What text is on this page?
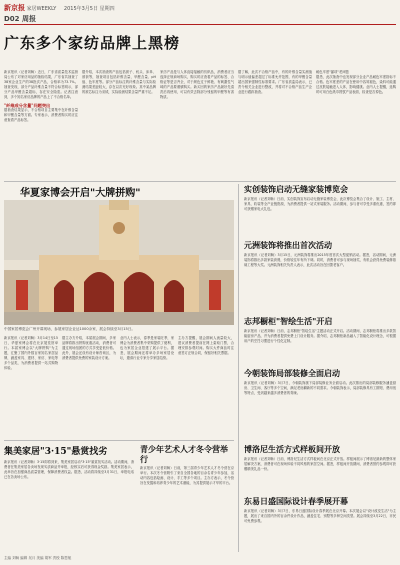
新京报 家居WEEKLY 2015年3月5日 星期四
D02 周报
广东多个家纺品牌上黑榜
新京报讯（记者刘畅）近日，广东省质量技术监督局公布了对家纺用品的抽检结果，广东省共抽查了38家企业生产的38批次产品，合格率为73.7%。抽查发现，部分产品纤维含量不符合标签明示，部分产品甲醛含量超标，存在安全隐患。记者注意到，多个知名家纺品牌的产品上了不合格名单。
"纤维成分含量"问题突出
据抽查结果显示，不合格项目主要集中在纤维含量和甲醛含量等方面。专家表示，消费者购买时应注意查看产品标签。
据介绍，本次抽查的产品包括被子、枕头、床单、被套等，抽查项目包括纤维含量、甲醛含量、pH值、色牢度等。部分产品标注的纤维含量与实际检测结果差距较大，存在以次充好现象。其中某品牌的被芯标注为羽绒，实际检测结果含量严重不足。
家纺产品是与人体直接接触的纺织品，消费者应当选择正规商场购买，购买时应查看产品的标签、合格证等是否齐全，对于颜色过于鲜艳、有刺激性气味的产品要谨慎购买。新买回的家纺产品最好先清洗后再使用，可以有效去除部分残留的甲醛等有害物质。
据了解，此次不合格产品中，有的纤维含量实测值与明示值偏差超过了标准允许范围，有的甲醛含量超出国家强制性标准要求。广东省质监局表示，已责令相关企业进行整改，并将对不合格产品生产企业进行跟踪抽查。
耐色牢度"漏项"老问题
据悉，此次抽查中也发现部分企业产品耐色牢度指标不合格。色牢度差的产品在使用中容易褪色，染料可能通过皮肤接触进入人体，影响健康。业内人士提醒，选购时可用白色纸巾擦拭产品表面，检查是否掉色。
华夏家博会开启"大牌拼购"
中国家居博览会广州开幕现场，参展家居企业达1000余家，展会持续至3月15日。
新京报讯（记者刘畅）3月14日至15日，华夏家博会将在北京展览馆举行。本届家博会以"大牌拼购"为主题，汇聚了国内外数百家知名家居品牌，涵盖家具、建材、家纺、家电等多个品类，为消费者提供一站式购物体验。
据主办方介绍，本届展会期间，多家品牌将推出拼购优惠活动，消费者可通过现场组团的方式享受更低价格。此外，展会还设有设计师咨询区，为消费者提供免费的家装设计方案。
业内人士表示，春季是家装旺季，家博会为消费者集中采购提供了便利，也为家居企业搭建了展示平台。据悉，展会期间还将举办多场家居论坛，邀请行业专家分享家居趋势。
主办方提醒，展会期间人流量较大，建议消费者提前在网上索取门票，合理安排参观时间。购买大件商品时注意签订正规合同，保留好相关票据。
集美家居"3·15"悬赏找劣
新京报讯（记者刘畅）3·15即将到来，集美家居启动"3·15"悬赏找劣活动。活动期间，消费者在集美家居各卖场发现劣质商品并举报，经核实后可获得现金奖励。集美家居表示，此举旨在加强商品质量管理，保障消费者权益。据悉，活动将持续至3月31日，举报电话已在各卖场公布。
青少年艺术人才冬令营举行
新京报讯（记者刘畅）日前，第三届青少年艺术人才冬令营在京举行。本次冬令营吸引了来自全国各地的百余名青少年参加，活动内容包括绘画、设计、手工等多个项目。主办方表示，冬令营旨在发掘和培养青少年的艺术潜能，为其提供展示才华的平台。
实创装饰启动无缝家装博览会
新京报讯（记者刘畅）日前，实创装饰宣布启动无缝家装博览会，此次博览会集合了设计、施工、主材、家具、软装等全产业链资源，为消费者提供一站式家装服务。活动期间，参与者可享受多重优惠，签约即可获赠家电大礼包。
元洲装饰将推出首次活动
新京报讯（记者刘畅）3月15日，元洲装饰将推出2015年度首次大型促销活动。据悉，活动期间，元洲装饰将推出多款家装套餐，价格较往年有所下调。同时，消费者可参与现场抽奖，有机会获得免费装修基础工程等大奖。元洲装饰相关负责人表示，此次活动旨在回馈老客户。
志邦橱柜"智绘生活"开启
新京报讯（记者刘畅）日前，志邦橱柜"智绘生活"主题活动正式开启。活动期间，志邦橱柜将推出多款智能厨房产品，并为消费者提供免费上门设计服务。据介绍，志邦橱柜新品融入了智能化设计理念，可根据用户的烹饪习惯进行个性化定制。
今朝装饰局部装修全面启动
新京报讯（记者刘畅）3月7日，今朝装饰旗下局部装修业务全面启动。此次推出的局部装修服务涵盖厨房、卫生间、客厅等多个空间，满足老房翻新的不同需求。今朝装饰表示，局部装修具有工期短、费用低等特点，受到越来越多消费者的青睐。
博洛尼生活方式样板间开放
新京报讯（记者刘畅）日前，博洛尼生活方式样板间在北京正式开放。样板间展示了博洛尼最新的整体家居解决方案，消费者可在现场体验不同风格的家居空间。据悉，样板间开放期间，消费者预约参观即可获赠精美礼品一份。
东易日盛国际设计春季展开幕
新京报讯（记者刘畅）3月7日，东易日盛国际设计春季展在北京开幕。本次展会以"设计改变生活"为主题，展出了来自国内外的百余件设计作品，涵盖住宅、别墅等多种空间类型。展会持续至3月22日，市民可免费参观。
主编 刘畅 编辑 吴月 美编 胡军 责校 陈思航
